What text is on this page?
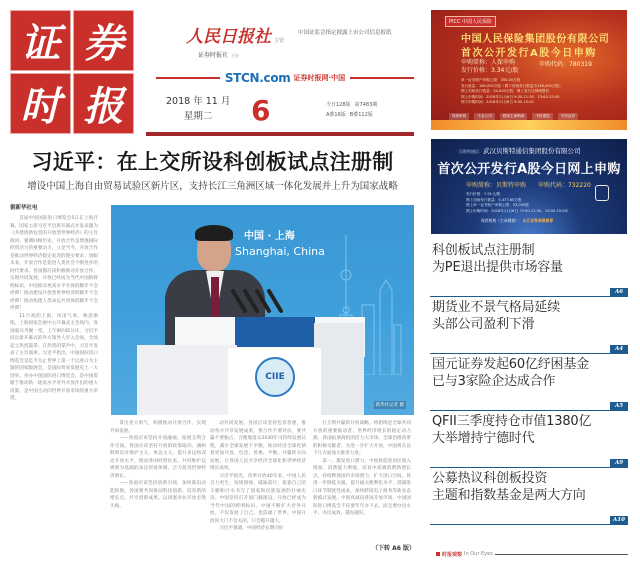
证 券
时 报
人民日报社 主管
证券时报社 主办
中国证监会指定披露上市公司信息报纸
STCN.com 证券时报网·中国
2018 年 11 月
星期二	6	今日128版 第7483期
A叠16版 B叠112版
习近平：在上交所设科创板试点注册制
增设中国上海自由贸易试验区新片区，支持长江三角洲区域一体化发展并上升为国家战略
据新华社电

首届中国国际进口博览会5日在上海开幕。国家主席习近平出席开幕式并发表题为《共建创新包容的开放型世界经济》的主旨演讲，强调回顾历史，开放合作是增强国际经贸活力的重要动力，立足当今，开放合作是推动世界经济稳定复苏的现实要求；放眼未来，开放合作是促进人类社会不断进步的时代要求。各国都应该积极推动开放合作，实现共同发展。开放已经成为当代中国的鲜明标识。中国推动更高水平开放的脚步不会停滞！推动建设开放型世界经济的脚步不会停滞！推动构建人类命运共同体的脚步不会停滞！

11月初的上海，风清气爽，秋意渐浓。上海国家会展中心开幕式主会场内，各国嘉宾齐聚一堂。上午9时45分许，习近平同出席开幕式的外方领导人步入会场，全场起立热烈鼓掌。在热烈的掌声中，习近平发表了主旨演讲。习近平指出，中国国际进口博览会是迄今为止世界上第一个以进口为主题的国家级展会，是国际贸易发展史上一大创举。举办中国国际进口博览会，是中国着眼于推动新一轮高水平对外开放作出的重大决策，是中国主动向世界开放市场的重大举措。

拿出更大勇气，积极推动开放合作，实现共同发展。

——各国应该坚持开放融通，拓展互利合作空间。各国应该坚持开放的政策取向，旗帜鲜明反对保护主义、单边主义，提升多边和双边开放水平，推动各国经贸往来，共同维护以规则为基础的多边贸易体制，合力促进世界经济增长。

——各国应该坚持创新引领，加快新旧动能转换。各国要共同推动科技创新、培育新的增长点，共享创新成果。以闭塞对抗开放必然失败。

动共同发展。各国应该坚持包容普惠，推动各方共享发展成果，要合作不要对抗，要共赢不要独占，合理地落实2030年可持续发展议程，减少全球发展不平衡，推动经济全球化朝着更加开放、包容、普惠、平衡、共赢的方向发展，让各国人民共享经济全球化和世界经济增长成果。

习近平指出，改革开放40年来，中国人民自力更生、发愤图强、砥砺前行，依靠自己的辛勤和汗水书写了国家和民族发展的壮丽史诗。中国坚持打开国门搞建设，开放已经成为当代中国的鲜明标识。中国不断扩大对外开放，不仅发展了自己，也造福了世界。中国开放的大门不会关闭，只会越开越大。

习近平强调，中国经济长期向好

行互利共赢的开放战略，将始终是全球共同开放的重要推动者、世界经济增长的稳定动力源、各国拓展商机的活力大市场、全球治理改革的积极贡献者。为进一步扩大开放，中国将在以下几方面加大推进力度。

第一，激发进口潜力。中国将促进居民收入增加、消费能力增强，培育中高端消费新增长点，持续释放国内市场潜力，扩大进口空间。将进一步降低关税，提升通关便利化水平，削减进口环节制度性成本，加快跨境电子商务等新业态新模式发展。中国真诚向各国开放市场，中国国际进口博览会不仅要年年办下去，而且要办出水平、办出成效、越办越好。

（下转 A6 版）
中国 · 上海
Shanghai, China
CIIE
新华社记者 摄
PICC 中国人民保险
中国人民保险集团股份有限公司
首次公开发行A股今日申购
申购简称：人保申购
发行价格：3.34元/股
申购代码：780319
单一证券账户申购上限：355.00万股
发行数量：180,000万股（网下初始发行数量为126,000万股）
网上初始发行数量：54,000万股，网上发行比例调整后
网上申购时间：2018年11月6日 9:30-11:30，13:00-15:00
网下申购时间：2018年11月6日 9:30-15:00
保荐机构	中金公司	联席主承销商	中信建投	中信证券
贝斯特通信 武汉贝斯特通信集团股份有限公司
首次公开发行A股今日网上申购
申购简称：贝斯特申购 申购代码：732220
发行价格：7.91元/股
网上初始发行数量：5,377.60万股
网上单一证券账户申购上限：53,000股
网上申购时间：2018年11月6日（9:30-11:30，13:00-15:00）
保荐机构（主承销商）：长江证券承销保荐
科创板试点注册制
为PE退出提供市场容量
A6
期货业不景气格局延续
头部公司盈利下滑
A4
国元证券发起60亿纾困基金
已与3家险企达成合作
A5
QFII三季度持仓市值1380亿
大举增持宁德时代
A9
公募热议科创板投资
主题和指数基金是两大方向
A10
时报观察 In Our Eyes
